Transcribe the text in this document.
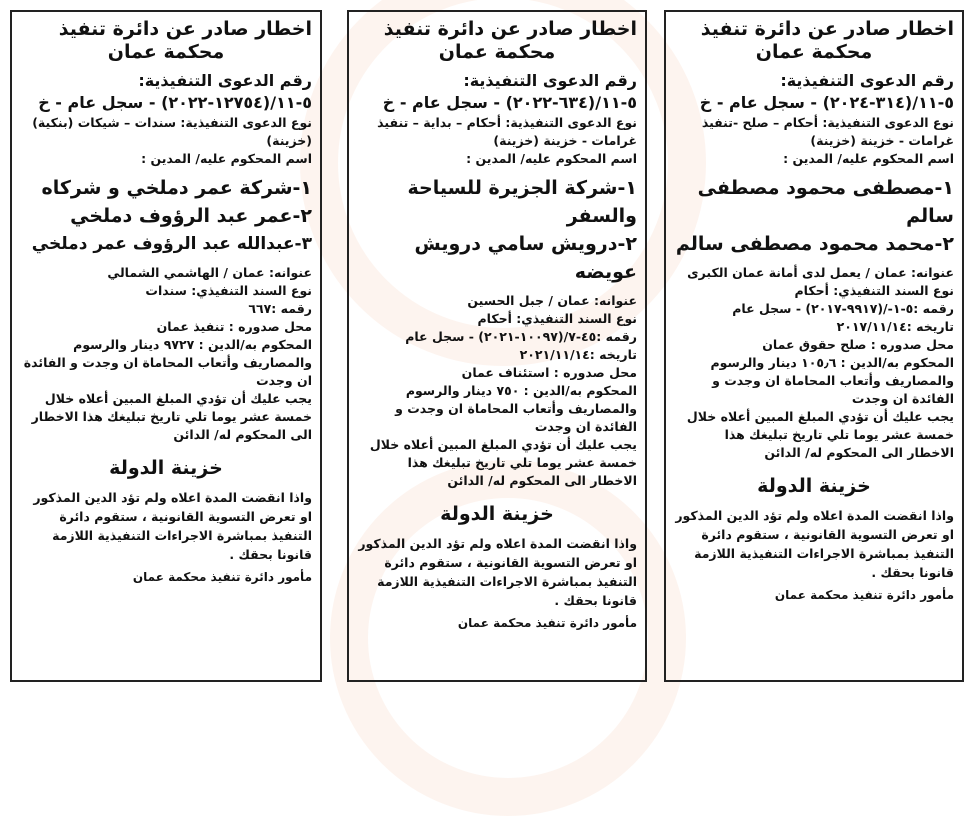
اخطار صادر عن دائرة تنفيذ
محكمة عمان
رقم الدعوى التنفيذية: ٥-١١/(٣١٤-٢٠٢٤) - سجل عام - خ
نوع الدعوى التنفيذية: أحكام – صلح -تنفيذ غرامات - خزينة (خزينة)
اسم المحكوم عليه/ المدين :
١-مصطفى محمود مصطفى سالم
٢-محمد محمود مصطفى سالم
عنوانه: عمان / يعمل لدى أمانة عمان الكبرى
نوع السند التنفيذي: أحكام
رقمه :٥-١-/(٩٩١٧-٢٠١٧) - سجل عام
تاريخه :٢٠١٧/١١/١٤
محل صدوره : صلح حقوق عمان
المحكوم به/الدين : ١٠٥٫٦ دينار والرسوم والمصاريف وأتعاب المحاماة ان وجدت و الفائدة ان وجدت
يجب عليك أن تؤدي المبلغ المبين أعلاه خلال خمسة عشر يوما تلي تاريخ تبليغك هذا الاخطار الى المحكوم له/ الدائن
خزينة الدولة
واذا انقضت المدة اعلاه ولم تؤد الدين المذكور او تعرض التسوية القانونية ، ستقوم دائرة التنفيذ بمباشرة الاجراءات التنفيذية اللازمة قانونا بحقك .
مأمور دائرة تنفيذ محكمة عمان
اخطار صادر عن دائرة تنفيذ
محكمة عمان
رقم الدعوى التنفيذية: ٥-١١/(٦٣٤-٢٠٢٢) - سجل عام - خ
نوع الدعوى التنفيذية: أحكام – بداية – تنفيذ غرامات - خزينة (خزينة)
اسم المحكوم عليه/ المدين :
١-شركة الجزيرة للسياحة والسفر
٢-درويش سامي درويش عويضه
عنوانه: عمان / جبل الحسين
نوع السند التنفيذي: أحكام
رقمه :٤٥-٧/(١٠٠٩٧-٢٠٢١) - سجل عام
تاريخه :٢٠٢١/١١/١٤
محل صدوره : استئناف عمان
المحكوم به/الدين : ٧٥٠ دينار والرسوم والمصاريف وأتعاب المحاماة ان وجدت و الفائدة ان وجدت
يجب عليك أن تؤدي المبلغ المبين أعلاه خلال خمسة عشر يوما تلي تاريخ تبليغك هذا الاخطار الى المحكوم له/ الدائن
خزينة الدولة
واذا انقضت المدة اعلاه ولم تؤد الدين المذكور او تعرض التسوية القانونية ، ستقوم دائرة التنفيذ بمباشرة الاجراءات التنفيذية اللازمة قانونا بحقك .
مأمور دائرة تنفيذ محكمة عمان
اخطار صادر عن دائرة تنفيذ
محكمة عمان
رقم الدعوى التنفيذية: ٥-١١/(١٢٧٥٤-٢٠٢٢) - سجل عام - خ
نوع الدعوى التنفيذية: سندات – شيكات (بنكية) (خزينة)
اسم المحكوم عليه/ المدين :
١-شركة عمر دملخي و شركاه
٢-عمر عبد الرؤوف دملخي
٣-عبدالله عبد الرؤوف عمر دملخي
عنوانه: عمان / الهاشمي الشمالي
نوع السند التنفيذي: سندات
رقمه :٦٦٧
محل صدوره : تنفيذ عمان
المحكوم به/الدين : ٩٧٢٧ دينار والرسوم والمصاريف وأتعاب المحاماة ان وجدت و الفائدة ان وجدت
يجب عليك أن تؤدي المبلغ المبين أعلاه خلال خمسة عشر يوما تلي تاريخ تبليغك هذا الاخطار الى المحكوم له/ الدائن
خزينة الدولة
واذا انقضت المدة اعلاه ولم تؤد الدين المذكور او تعرض التسوية القانونية ، ستقوم دائرة التنفيذ بمباشرة الاجراءات التنفيذية اللازمة قانونا بحقك .
مأمور دائرة تنفيذ محكمة عمان
